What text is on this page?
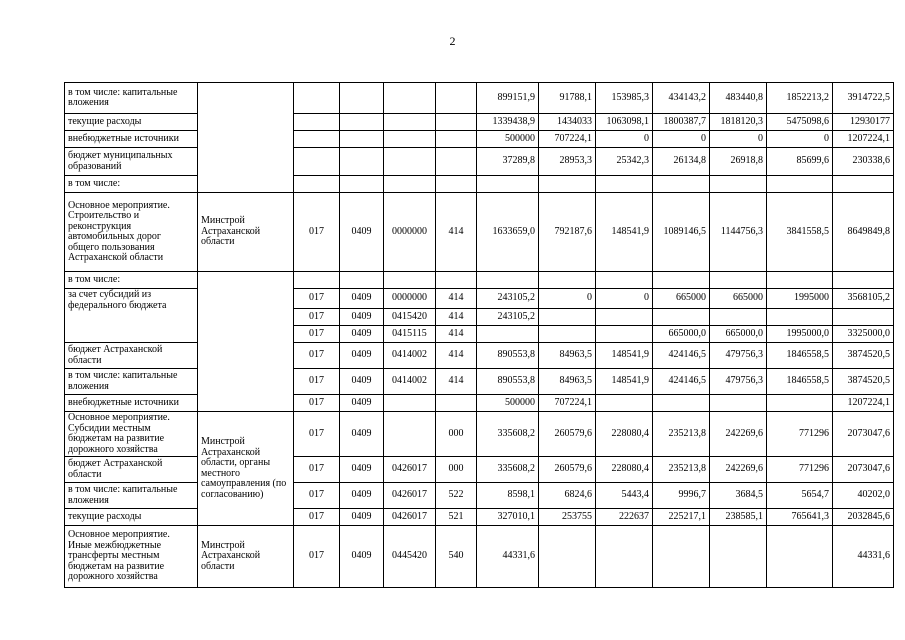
2
в том числе: капитальные вложения						899151,9	91788,1	153985,3	434143,2	483440,8	1852213,2	3914722,5
текущие расходы						1339438,9	1434033	1063098,1	1800387,7	1818120,3	5475098,6	12930177
внебюджетные источники						500000	707224,1	0	0	0	0	1207224,1
бюджет муниципальных образований						37289,8	28953,3	25342,3	26134,8	26918,8	85699,6	230338,6
в том числе:												
Основное мероприятие. Строительство и реконструкция автомобильных дорог общего пользования Астраханской области	Минстрой Астраханской области	017	0409	0000000	414	1633659,0	792187,6	148541,9	1089146,5	1144756,3	3841558,5	8649849,8
в том числе:												
за счет субсидий из федерального бюджета		017	0409	0000000	414	243105,2	0	0	665000	665000	1995000	3568105,2
		017	0409	0415420	414	243105,2						
		017	0409	0415115	414				665000,0	665000,0	1995000,0	3325000,0
бюджет Астраханской области		017	0409	0414002	414	890553,8	84963,5	148541,9	424146,5	479756,3	1846558,5	3874520,5
в том числе: капитальные вложения		017	0409	0414002	414	890553,8	84963,5	148541,9	424146,5	479756,3	1846558,5	3874520,5
внебюджетные источники		017	0409			500000	707224,1					1207224,1
Основное мероприятие. Субсидии местным бюджетам на развитие дорожного хозяйства	Минстрой Астраханской области, органы местного самоуправления (по согласованию)	017	0409		000	335608,2	260579,6	228080,4	235213,8	242269,6	771296	2073047,6
бюджет Астраханской области		017	0409	0426017	000	335608,2	260579,6	228080,4	235213,8	242269,6	771296	2073047,6
в том числе: капитальные вложения		017	0409	0426017	522	8598,1	6824,6	5443,4	9996,7	3684,5	5654,7	40202,0
текущие расходы		017	0409	0426017	521	327010,1	253755	222637	225217,1	238585,1	765641,3	2032845,6
Основное мероприятие. Иные межбюджетные трансферты местным бюджетам на развитие дорожного хозяйства	Минстрой Астраханской области	017	0409	0445420	540	44331,6						44331,6
